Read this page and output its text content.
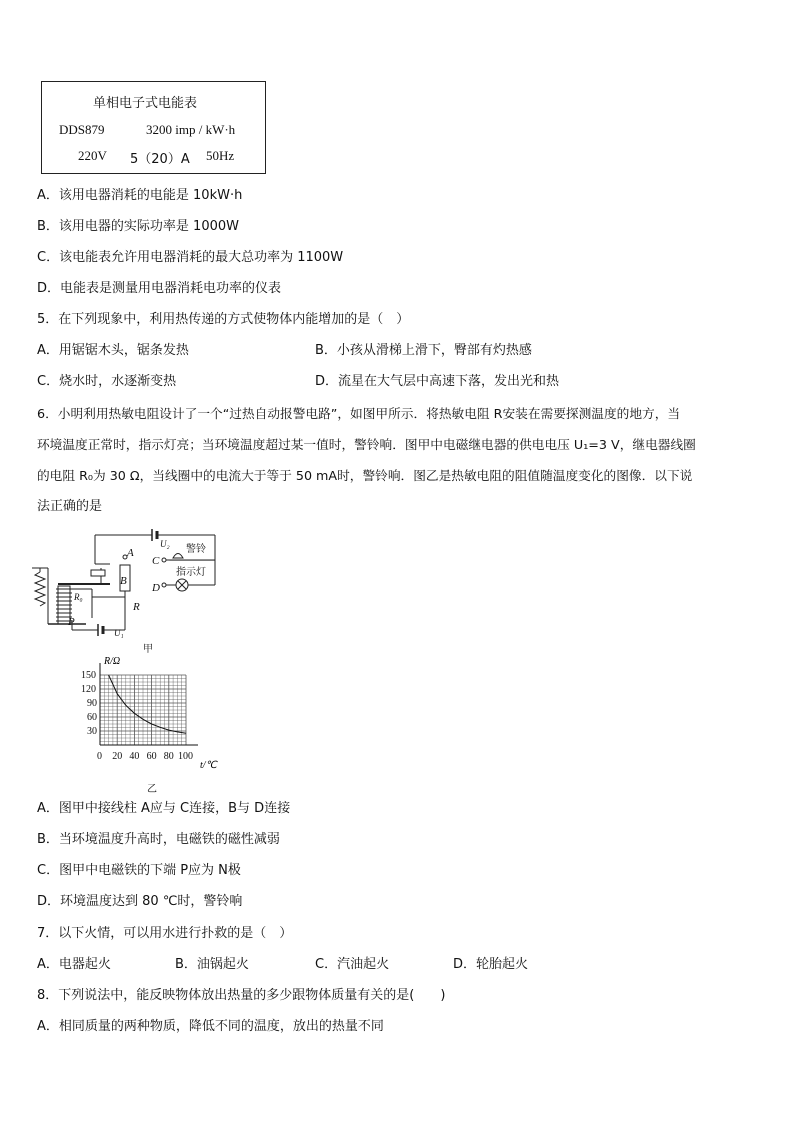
单相电子式电能表
DDS879	3200 imp / kW·h
220V 5（20）A 50Hz
A．该用电器消耗的电能是 10kW·h
B．该用电器的实际功率是 1000W
C．该电能表允许用电器消耗的最大总功率为 1100W
D．电能表是测量用电器消耗电功率的仪表
5．在下列现象中，利用热传递的方式使物体内能增加的是（　）
A．用锯锯木头，锯条发热	B．小孩从滑梯上滑下，臀部有灼热感
C．烧水时，水逐渐变热	D．流星在大气层中高速下落，发出光和热
6．小明利用热敏电阻设计了一个“过热自动报警电路”，如图甲所示．将热敏电阻 R安装在需要探测温度的地方，当
环境温度正常时，指示灯亮；当环境温度超过某一值时，警铃响．图甲中电磁继电器的供电电压 U₁=3 V，继电器线圈
的电阻 R₀为 30 Ω，当线圈中的电流大于等于 50 mA时，警铃响．图乙是热敏电阻的阻值随温度变化的图像．以下说
法正确的是
U₂
A
B
C
D
R₀
R
P
U₁
警铃
指示灯
甲
R/Ω
t/℃
0 20 40 60 80 100
30
60
90
120
150
乙
A．图甲中接线柱 A应与 C连接，B与 D连接
B．当环境温度升高时，电磁铁的磁性减弱
C．图甲中电磁铁的下端 P应为 N极
D．环境温度达到 80 ℃时，警铃响
7．以下火情，可以用水进行扑救的是（　）
A．电器起火	B．油锅起火	C．汽油起火	D．轮胎起火
8．下列说法中，能反映物体放出热量的多少跟物体质量有关的是(　　)
A．相同质量的两种物质，降低不同的温度，放出的热量不同
